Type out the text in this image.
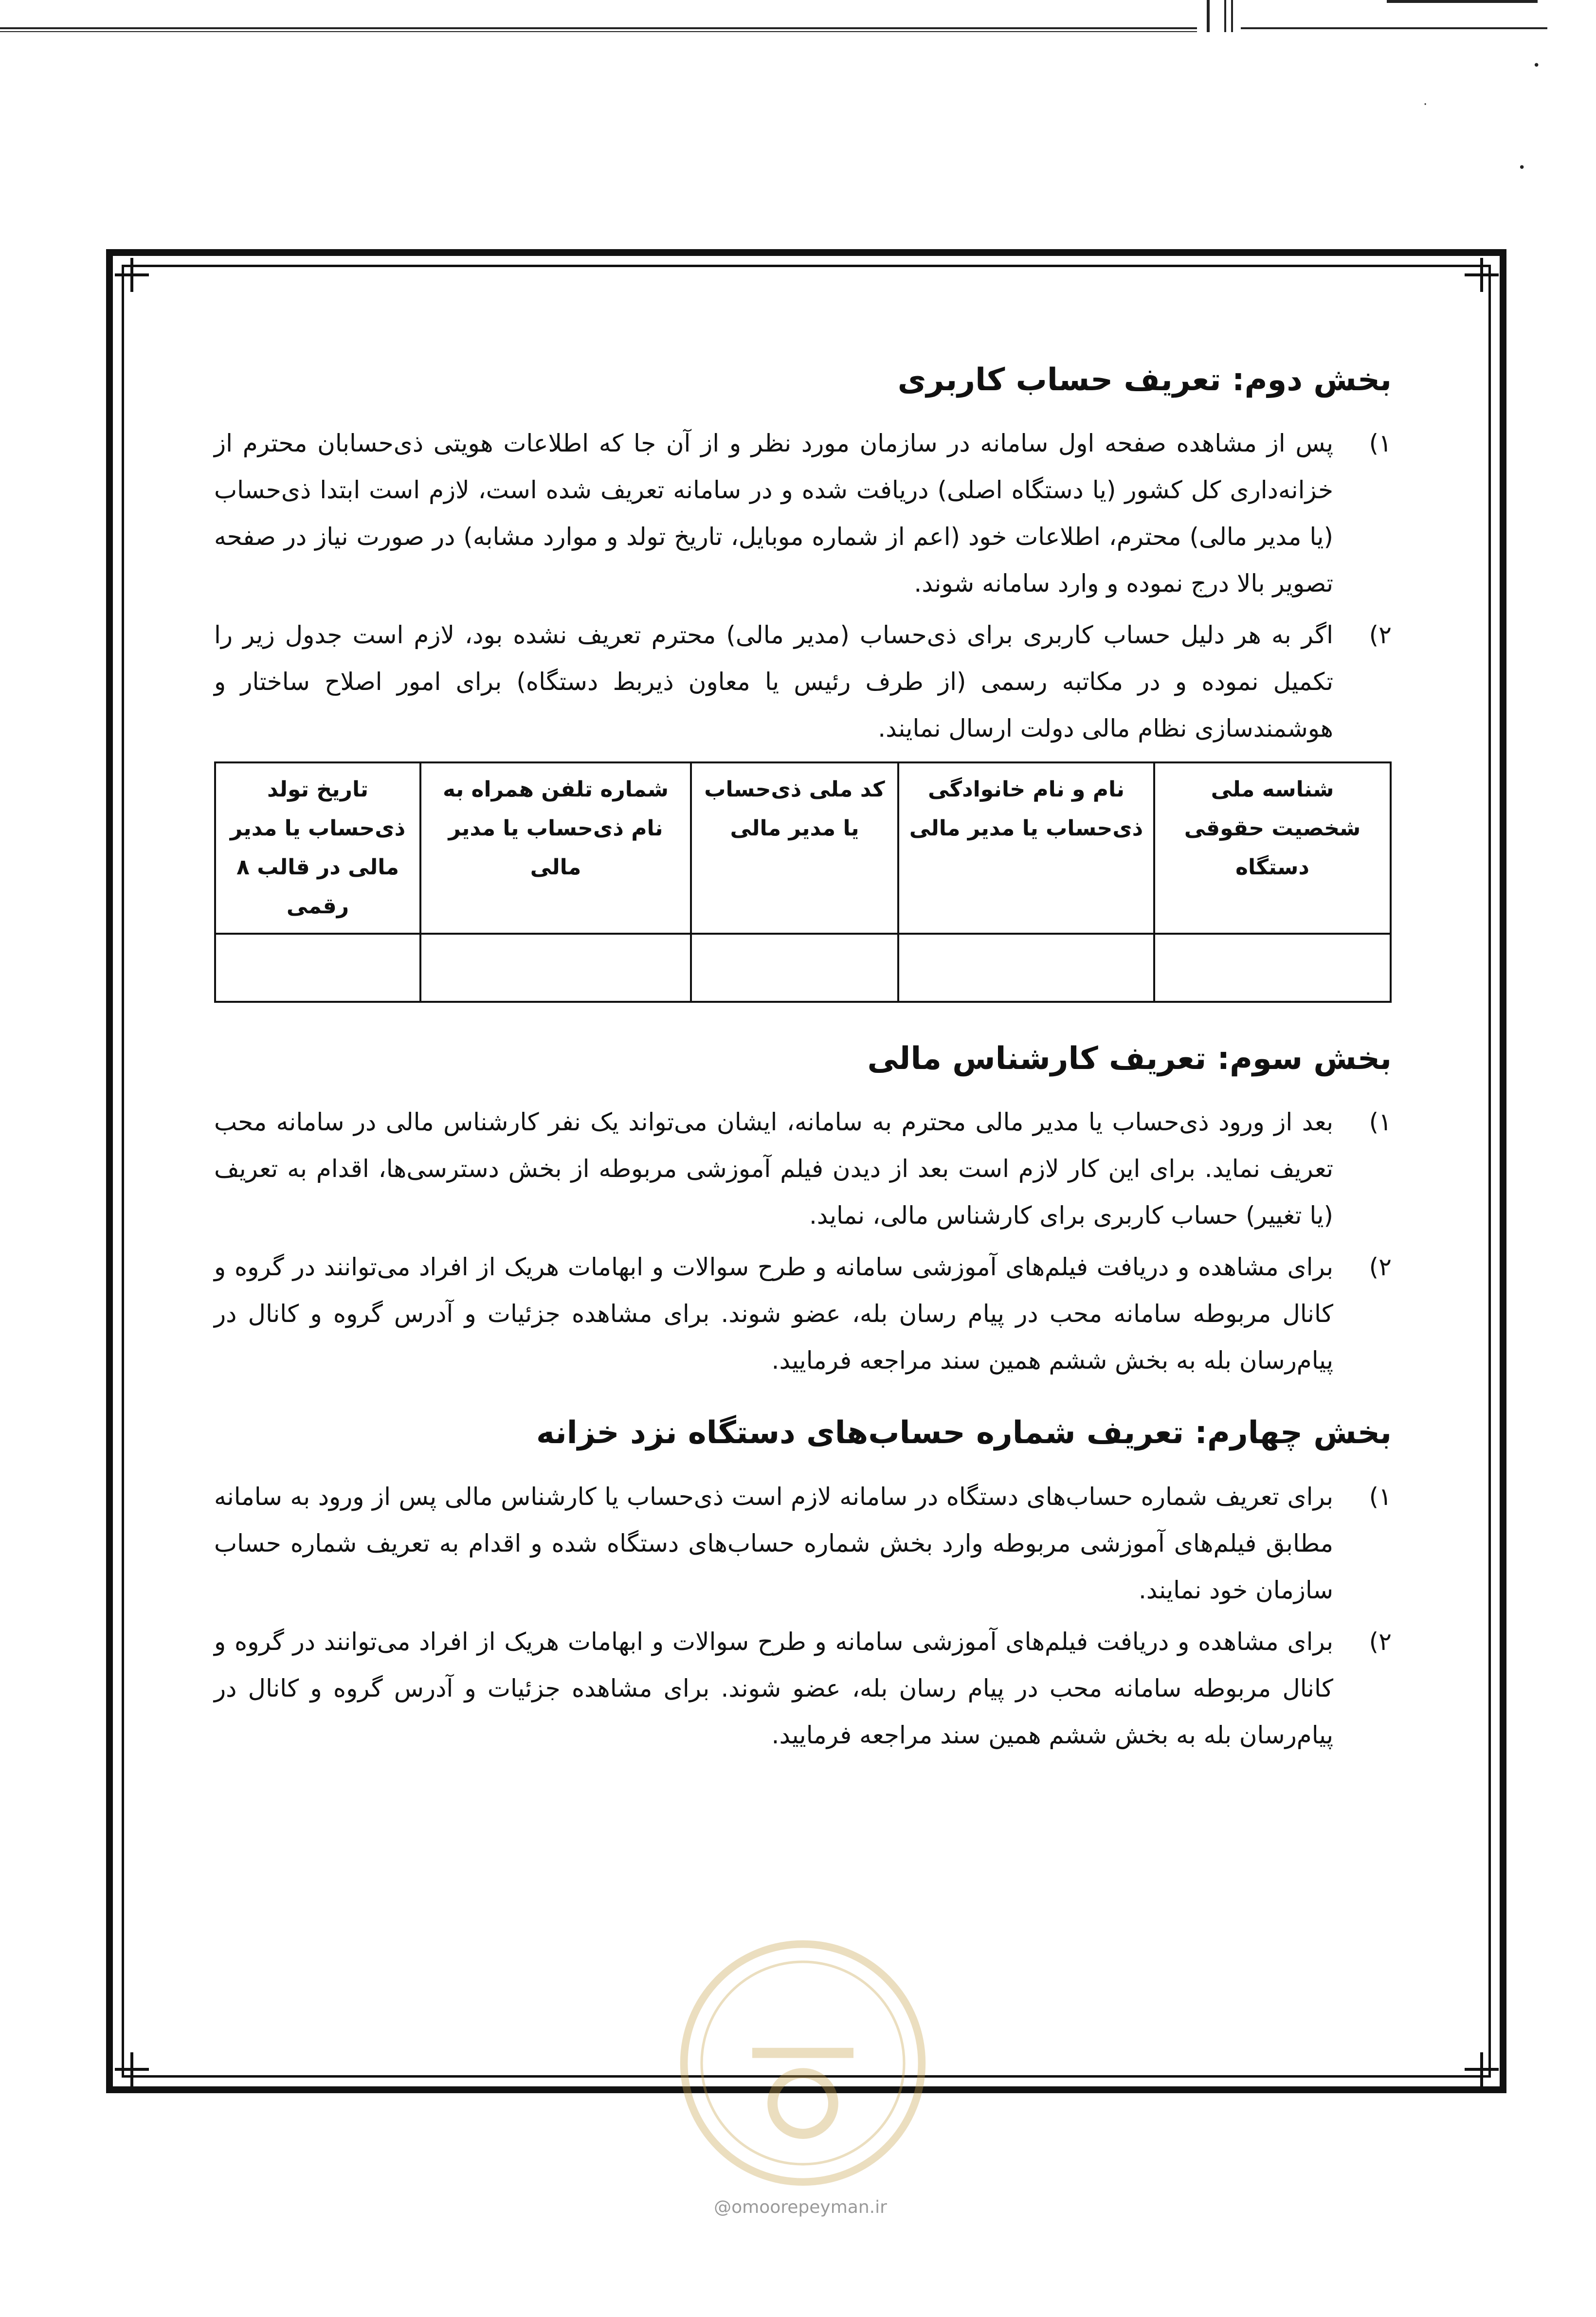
•
·
•
@omoorepeyman.ir
بخش دوم: تعریف حساب کاربری
۱)
پس از مشاهده صفحه اول سامانه در سازمان مورد نظر و از آن جا که اطلاعات هویتی ذی‌حسابان محترم از خزانه‌داری کل کشور (یا دستگاه اصلی) دریافت شده و در سامانه تعریف شده است، لازم است ابتدا ذی‌حساب (یا مدیر مالی) محترم، اطلاعات خود (اعم از شماره موبایل، تاریخ تولد و موارد مشابه) در صورت نیاز در صفحه تصویر بالا درج نموده و وارد سامانه شوند.
۲)
اگر به هر دلیل حساب کاربری برای ذی‌حساب (مدیر مالی) محترم تعریف نشده بود، لازم است جدول زیر را تکمیل نموده و در مکاتبه رسمی (از طرف رئیس یا معاون ذیربط دستگاه) برای امور اصلاح ساختار و هوشمندسازی نظام مالی دولت ارسال نمایند.
شناسه ملی شخصیت حقوقی دستگاه	نام و نام خانوادگی ذی‌حساب یا مدیر مالی	کد ملی ذی‌حساب یا مدیر مالی	شماره تلفن همراه به نام ذی‌حساب یا مدیر مالی	تاریخ تولد ذی‌حساب یا مدیر مالی در قالب ۸ رقمی

بخش سوم: تعریف کارشناس مالی
۱)
بعد از ورود ذی‌حساب یا مدیر مالی محترم به سامانه، ایشان می‌تواند یک نفر کارشناس مالی در سامانه محب تعریف نماید. برای این کار لازم است بعد از دیدن فیلم آموزشی مربوطه از بخش دسترسی‌ها، اقدام به تعریف (یا تغییر) حساب کاربری برای کارشناس مالی، نماید.
۲)
برای مشاهده و دریافت فیلم‌های آموزشی سامانه و طرح سوالات و ابهامات هریک از افراد می‌توانند در گروه و کانال مربوطه سامانه محب در پیام رسان بله، عضو شوند. برای مشاهده جزئیات و آدرس گروه و کانال در پیام‌رسان بله به بخش ششم همین سند مراجعه فرمایید.
بخش چهارم: تعریف شماره حساب‌های دستگاه نزد خزانه
۱)
برای تعریف شماره حساب‌های دستگاه در سامانه لازم است ذی‌حساب یا کارشناس مالی پس از ورود به سامانه مطابق فیلم‌های آموزشی مربوطه وارد بخش شماره حساب‌های دستگاه شده و اقدام به تعریف شماره حساب سازمان خود نمایند.
۲)
برای مشاهده و دریافت فیلم‌های آموزشی سامانه و طرح سوالات و ابهامات هریک از افراد می‌توانند در گروه و کانال مربوطه سامانه محب در پیام رسان بله، عضو شوند. برای مشاهده جزئیات و آدرس گروه و کانال در پیام‌رسان بله به بخش ششم همین سند مراجعه فرمایید.
